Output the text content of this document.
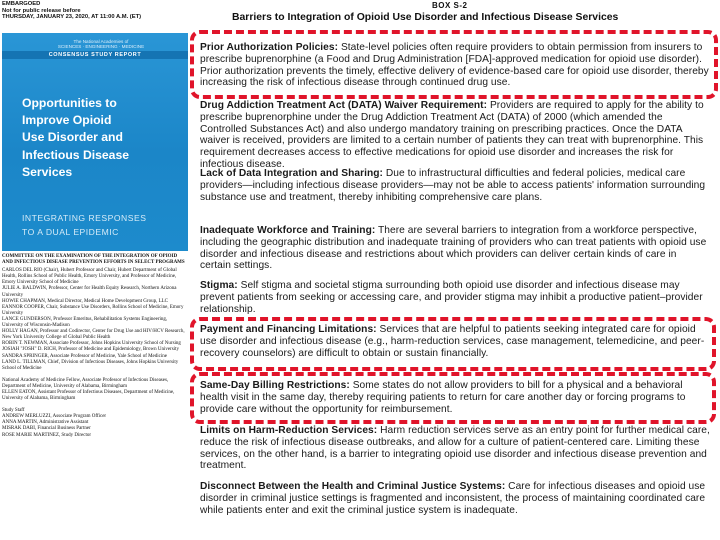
EMBARGOED
Not for public release before
THURSDAY, JANUARY 23, 2020, AT 11:00 A.M. (ET)
The National Academies of
SCIENCES · ENGINEERING · MEDICINE
CONSENSUS STUDY REPORT
Opportunities to
Improve Opioid
Use Disorder and
Infectious Disease
Services
INTEGRATING RESPONSES
TO A DUAL EPIDEMIC
COMMITTEE ON THE EXAMINATION OF THE INTEGRATION OF OPIOID AND INFECTIOUS DISEASE PREVENTION EFFORTS IN SELECT PROGRAMS
CARLOS DEL RIO (Chair), Hubert Professor and Chair, Hubert Department of Global Health, Rollins School of Public Health, Emory University, and Professor of Medicine, Emory University School of Medicine
JULIE A. BALDWIN, Professor, Center for Health Equity Research, Northern Arizona University
HOWIE CHAPMAN, Medical Director, Medical Home Development Group, LLC
EANNOR COOPER, Chair, Substance Use Disorders, Rollins School of Medicine, Emory University
LANCE GUNDERSON, Professor Emeritus, Rehabilitation Systems Engineering, University of Wisconsin-Madison
HOLLY HAGAN, Professor and Codirector, Center for Drug Use and HIV/HCV Research, New York University College of Global Public Health
ROBIN T. NEWMAN, Associate Professor, Johns Hopkins University School of Nursing
JOSIAH "JOSH" D. RICH, Professor of Medicine and Epidemiology, Brown University
SANDRA SPRINGER, Associate Professor of Medicine, Yale School of Medicine
LAND L. TILLMAN, Chief, Division of Infectious Diseases, Johns Hopkins University School of Medicine
National Academy of Medicine Fellow, Associate Professor of Infectious Diseases, Department of Medicine, University of Alabama, Birmingham
ELLEN EATON, Assistant Professor of Infectious Diseases, Department of Medicine, University of Alabama, Birmingham
Study Staff
ANDREW MERLUZZI, Associate Program Officer
ANNA MARTIN, Administrative Assistant
MISRAK DABI, Financial Business Partner
ROSE MARIE MARTINEZ, Study Director
BOX S-2
Barriers to Integration of Opioid Use Disorder and Infectious Disease Services
Prior Authorization Policies: State-level policies often require providers to obtain permission from insurers to prescribe buprenorphine (a Food and Drug Administration [FDA]-approved medication for opioid use disorder). Prior authorization prevents the timely, effective delivery of evidence-based care for opioid use disorder, thereby increasing the risk of infectious disease through continued drug use.
Drug Addiction Treatment Act (DATA) Waiver Requirement: Providers are required to apply for the ability to prescribe buprenorphine under the Drug Addiction Treatment Act (DATA) of 2000 (which amended the Controlled Substances Act) and also undergo mandatory training on prescribing practices. Once the DATA waiver is received, providers are limited to a certain number of patients they can treat with buprenorphine. This requirement decreases access to effective medications for opioid use disorder and increases the risk for infectious disease.
Lack of Data Integration and Sharing: Due to infrastructural difficulties and federal policies, medical care providers—including infectious disease providers—may not be able to access patients' information surrounding substance use and treatment, thereby inhibiting comprehensive care plans.
Inadequate Workforce and Training: There are several barriers to integration from a workforce perspective, including the geographic distribution and inadequate training of providers who can treat patients with opioid use disorder and infectious disease and restrictions about which providers can deliver certain kinds of care in certain settings.
Stigma: Self stigma and societal stigma surrounding both opioid use disorder and infectious disease may prevent patients from seeking or accessing care, and provider stigma may inhibit a productive patient–provider relationship.
Payment and Financing Limitations: Services that are helpful to patients seeking integrated care for opioid use disorder and infectious disease (e.g., harm-reduction services, case management, telemedicine, and peer-recovery counselors) are difficult to obtain or sustain financially.
Same-Day Billing Restrictions: Some states do not allow providers to bill for a physical and a behavioral health visit in the same day, thereby requiring patients to return for care another day or forcing programs to provide care without the opportunity for reimbursement.
Limits on Harm-Reduction Services: Harm reduction services serve as an entry point for further medical care, reduce the risk of infectious disease outbreaks, and allow for a culture of patient-centered care. Limiting these services, on the other hand, is a barrier to integrating opioid use disorder and infectious disease prevention and treatment.
Disconnect Between the Health and Criminal Justice Systems: Care for infectious diseases and opioid use disorder in criminal justice settings is fragmented and inconsistent, the process of maintaining coordinated care while patients enter and exit the criminal justice system is inadequate.
